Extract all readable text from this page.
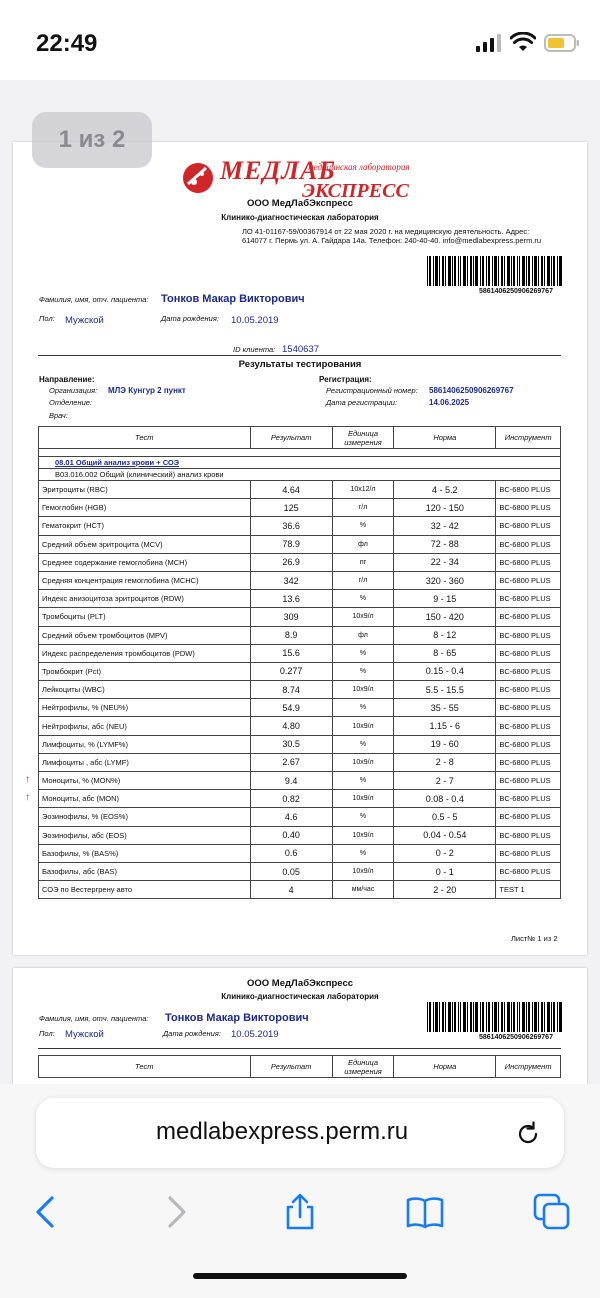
22:49
МЕДЛАБ
медицинская лаборатория
ЭКСПРЕСС
ООО МедЛабЭкспресс
Клинико-диагностическая лаборатория
ЛО 41-01167-59/00367914 от 22 мая 2020 г. на медицинскую деятельность. Адрес:
614077 г. Пермь ул. А. Гайдара 14а. Телефон: 240-40-40. info@medlabexpress.perm.ru
5861406250906269767
Фамилия, имя, отч. пациента: Тонков Макар Викторович
Пол: Мужской	Дата рождения: 10.05.2019
ID клиента: 1540637
Результаты тестирования
Направление:
Организация: МЛЭ Кунгур 2 пункт
Отделение:
Врач:
Регистрация:
Регистрационный номер: 5861406250906269767
Дата регистрации:	14.06.2025
Тест	Результат	Единица измерения	Норма	Инструмент

08.01 Общий анализ крови + СОЭ				
B03.016.002 Общий (клинический) анализ крови				
Эритроциты (RBC)	4.64	10x12/л	4 - 5.2	BC-6800 PLUS
Гемоглобин (HGB)	125	г/л	120 - 150	BC-6800 PLUS
Гематокрит (HCT)	36.6	%	32 - 42	BC-6800 PLUS
Средний объем эритроцита (MCV)	78.9	фл	72 - 88	BC-6800 PLUS
Среднее содержание гемоглобина (MCH)	26.9	пг	22 - 34	BC-6800 PLUS
Средняя концентрация гемоглобина (MCHC)	342	г/л	320 - 360	BC-6800 PLUS
Индекс анизоцитоза эритроцитов (RDW)	13.6	%	9 - 15	BC-6800 PLUS
Тромбоциты (PLT)	309	10x9/л	150 - 420	BC-6800 PLUS
Средний объем тромбоцитов (MPV)	8.9	фл	8 - 12	BC-6800 PLUS
Индекс распределения тромбоцитов (PDW)	15.6	%	8 - 65	BC-6800 PLUS
Тромбокрит (Pct)	0.277	%	0.15 - 0.4	BC-6800 PLUS
Лейкоциты (WBC)	8.74	10x9/л	5.5 - 15.5	BC-6800 PLUS
Нейтрофилы, % (NEU%)	54.9	%	35 - 55	BC-6800 PLUS
Нейтрофилы, абс (NEU)	4.80	10x9/л	1.15 - 6	BC-6800 PLUS
Лимфоциты, % (LYMF%)	30.5	%	19 - 60	BC-6800 PLUS
Лимфоциты , абс (LYMF)	2.67	10x9/л	2 - 8	BC-6800 PLUS

↑ Моноциты, % (MON%)	9.4	%	2 - 7	BC-6800 PLUS

↑ Моноциты, абс (MON)	0.82	10x9/л	0.08 - 0.4	BC-6800 PLUS
Эозинофилы, % (EOS%)	4.6	%	0.5 - 5	BC-6800 PLUS
Эозинофилы, абс (EOS)	0.40	10x9/л	0.04 - 0.54	BC-6800 PLUS
Базофилы, % (BAS%)	0.6	%	0 - 2	BC-6800 PLUS
Базофилы, абс (BAS)	0.05	10x9/л	0 - 1	BC-6800 PLUS
СОЭ по Вестергрену авто	4	мм/час	2 - 20	TEST 1
Лист№ 1 из 2
ООО МедЛабЭкспресс
Клинико-диагностическая лаборатория
5861406250906269767
Фамилия, имя, отч. пациента: Тонков Макар Викторович
Пол: Мужской	Дата рождения: 10.05.2019
Тест	Результат	Единица измерения	Норма	Инструмент
1 из 2
medlabexpress.perm.ru
